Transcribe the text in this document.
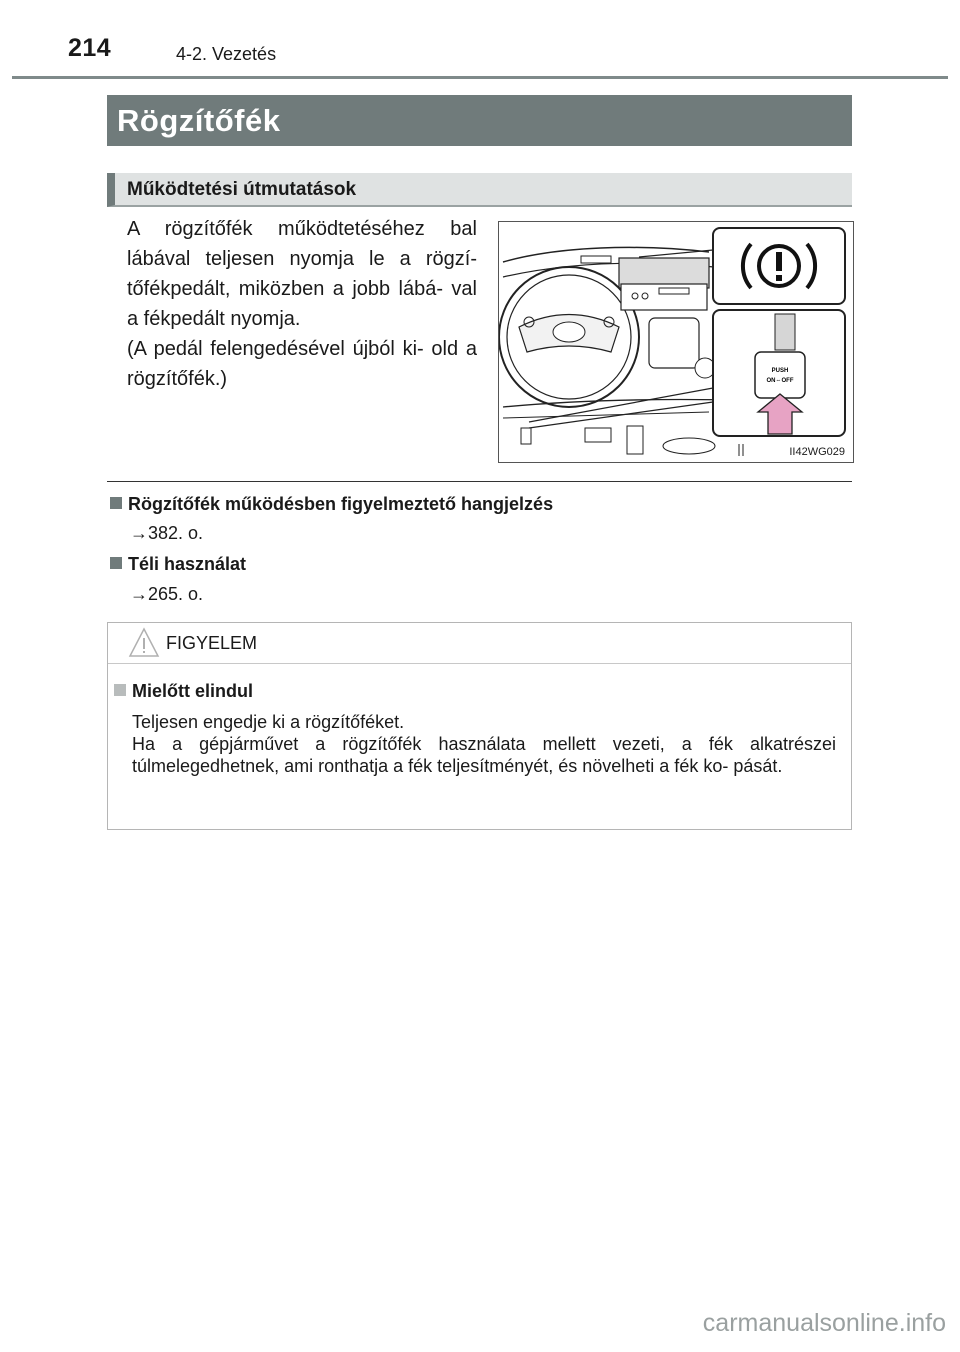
214	4-2. Vezetés
Rögzítőfék
Működtetési útmutatások

A rögzítőfék működtetéséhez bal lábával teljesen nyomja le a rögzí- tőfékpedált, miközben a jobb lábá- val a fékpedált nyomja.

(A pedál felengedésével újból ki- old a rögzítőfék.)	PUSH
ON⇔OFF
II42WG029
Rögzítőfék működésben figyelmeztető hangjelzés
→382. o.
Téli használat
→265. o.
FIGYELEM
Mielőtt elindul

Teljesen engedje ki a rögzítőféket.

Ha a gépjárművet a rögzítőfék használata mellett vezeti, a fék alkatrészei túlmelegedhetnek, ami ronthatja a fék teljesítményét, és növelheti a fék ko- pását.

carmanualsonline.info
